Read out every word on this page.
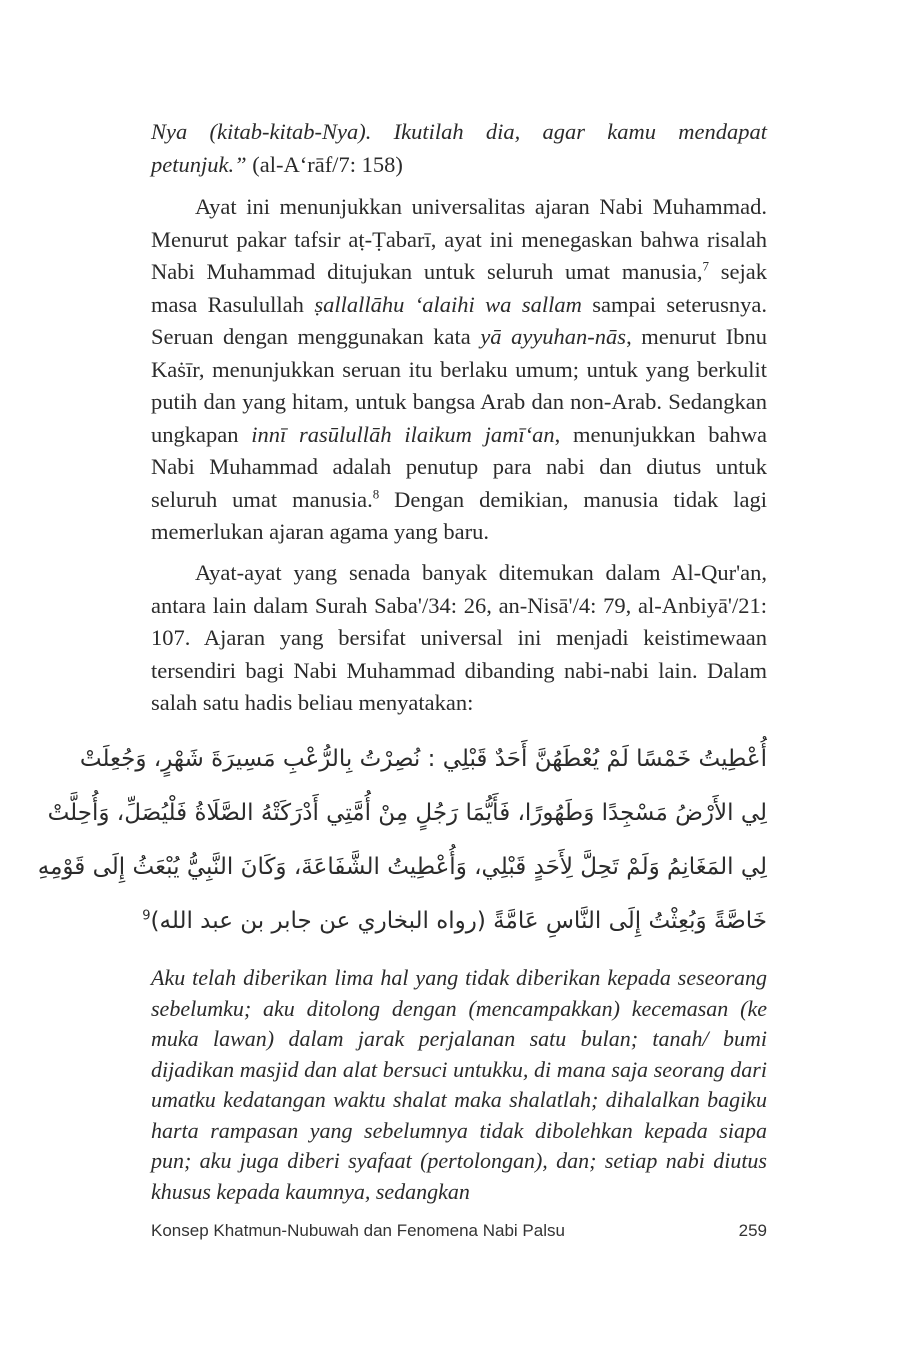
Nya (kitab-kitab-Nya). Ikutilah dia, agar kamu mendapat petunjuk.” (al-A‘rāf/7: 158)

Ayat ini menunjukkan universalitas ajaran Nabi Muhammad. Menurut pakar tafsir aṭ-Ṭabarī, ayat ini menegaskan bahwa risalah Nabi Muhammad ditujukan untuk seluruh umat manusia,$^7$ sejak masa Rasulullah ṣallallāhu ‘alaihi wa sallam sampai seterusnya. Seruan dengan menggunakan kata yā ayyuhan-nās, menurut Ibnu Kaṡīr, menunjukkan seruan itu berlaku umum; untuk yang berkulit putih dan yang hitam, untuk bangsa Arab dan non-Arab. Sedangkan ungkapan innī rasūlullāh ilaikum jamī‘an, menunjukkan bahwa Nabi Muhammad adalah penutup para nabi dan diutus untuk seluruh umat manusia.$^8$ Dengan demikian, manusia tidak lagi memerlukan ajaran agama yang baru.

Ayat-ayat yang senada banyak ditemukan dalam Al-Qur'an, antara lain dalam Surah Saba'/34: 26, an-Nisā'/4: 79, al-Anbiyā'/21: 107. Ajaran yang bersifat universal ini menjadi keistimewaan tersendiri bagi Nabi Muhammad dibanding nabi-nabi lain. Dalam salah satu hadis beliau menyatakan:

أُعْطِيتُ خَمْسًا لَمْ يُعْطَهُنَّ أَحَدٌ قَبْلِي : نُصِرْتُ بِالرُّعْبِ مَسِيرَةَ شَهْرٍ، وَجُعِلَتْ
لِي الأَرْضُ مَسْجِدًا وَطَهُورًا، فَأَيُّمَا رَجُلٍ مِنْ أُمَّتِي أَدْرَكَتْهُ الصَّلَاةُ فَلْيُصَلِّ، وَأُحِلَّتْ
لِي المَغَانِمُ وَلَمْ تَحِلَّ لِأَحَدٍ قَبْلِي، وَأُعْطِيتُ الشَّفَاعَةَ، وَكَانَ النَّبِيُّ يُبْعَثُ إِلَى قَوْمِهِ
خَاصَّةً وَبُعِثْتُ إِلَى النَّاسِ عَامَّةً (رواه البخاري عن جابر بن عبد الله)$^9$

Aku telah diberikan lima hal yang tidak diberikan kepada seseorang sebelumku; aku ditolong dengan (mencampakkan) kecemasan (ke muka lawan) dalam jarak perjalanan satu bulan; tanah/ bumi dijadikan masjid dan alat bersuci untukku, di mana saja seorang dari umatku kedatangan waktu shalat maka shalatlah; dihalalkan bagiku harta rampasan yang sebelumnya tidak dibolehkan kepada siapa pun; aku juga diberi syafaat (pertolongan), dan; setiap nabi diutus khusus kepada kaumnya, sedangkan

Konsep Khatmun-Nubuwah dan Fenomena Nabi Palsu	259
